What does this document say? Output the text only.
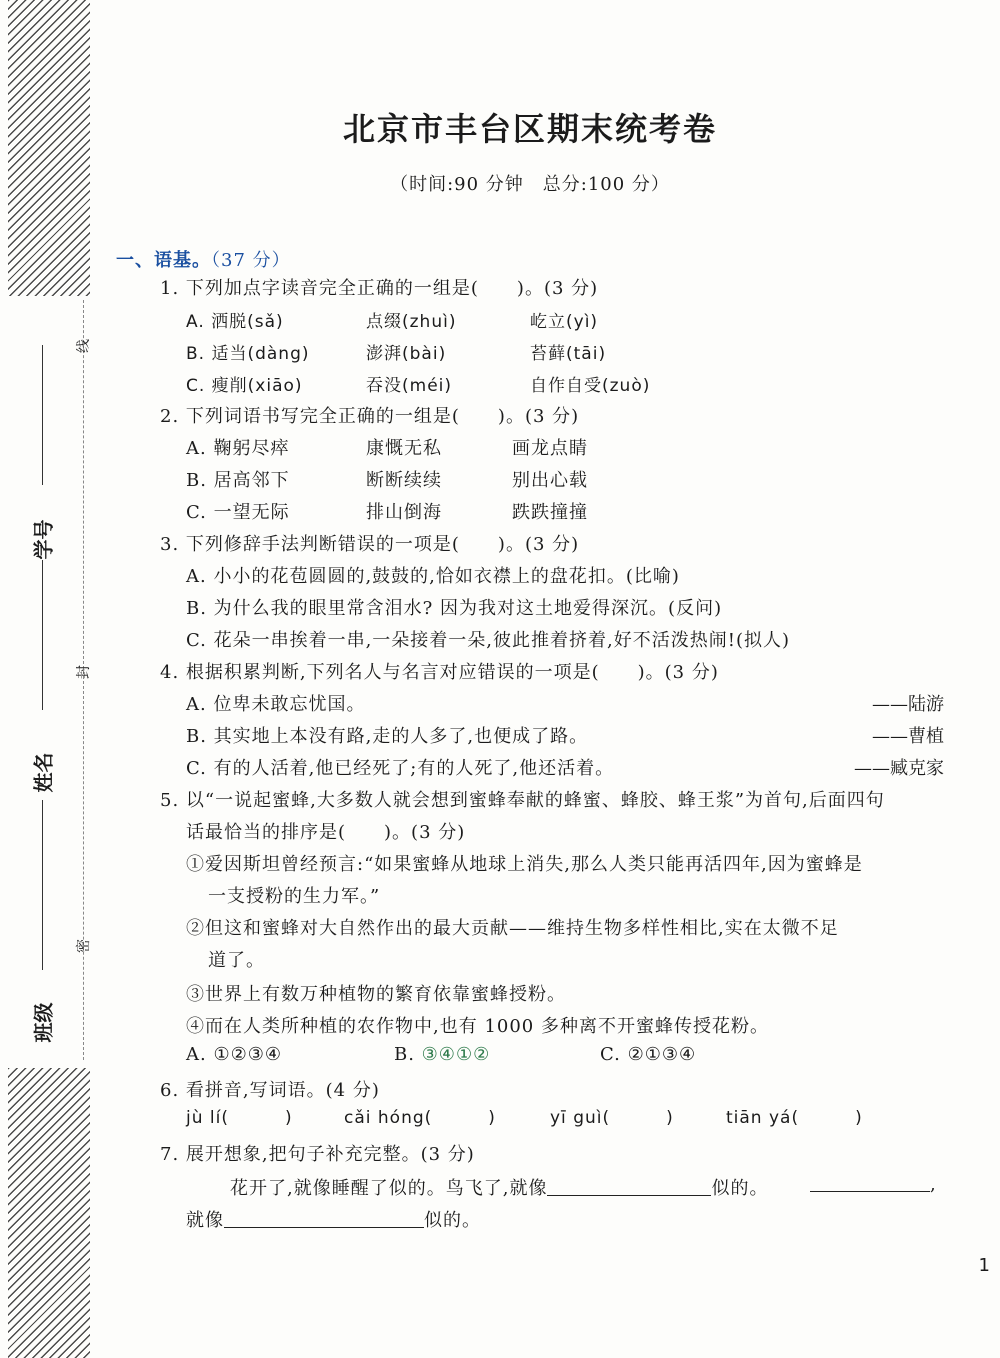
学号
姓名
班级
线
封
密
北京市丰台区期末统考卷
（时间:90 分钟　总分:100 分）
一、语基。（37 分）
1. 下列加点字读音完全正确的一组是(　　)。(3 分)
A. 洒脱(sǎ)	点缀(zhuì)	屹立(yì)
B. 适当(dàng)	澎湃(bài)	苔藓(tāi)
C. 瘦削(xiāo)	吞没(méi)	自作自受(zuò)
2. 下列词语书写完全正确的一组是(　　)。(3 分)
A. 鞠躬尽瘁	康慨无私	画龙点睛
B. 居高邻下	断断续续	别出心载
C. 一望无际	排山倒海	跌跌撞撞
3. 下列修辞手法判断错误的一项是(　　)。(3 分)
A. 小小的花苞圆圆的,鼓鼓的,恰如衣襟上的盘花扣。(比喻)
B. 为什么我的眼里常含泪水? 因为我对这土地爱得深沉。(反问)
C. 花朵一串挨着一串,一朵接着一朵,彼此推着挤着,好不活泼热闹!(拟人)
4. 根据积累判断,下列名人与名言对应错误的一项是(　　)。(3 分)
A. 位卑未敢忘忧国。	——陆游
B. 其实地上本没有路,走的人多了,也便成了路。	——曹植
C. 有的人活着,他已经死了;有的人死了,他还活着。	——臧克家
5. 以“一说起蜜蜂,大多数人就会想到蜜蜂奉献的蜂蜜、蜂胶、蜂王浆”为首句,后面四句
话最恰当的排序是(　　)。(3 分)
①爱因斯坦曾经预言:“如果蜜蜂从地球上消失,那么人类只能再活四年,因为蜜蜂是
一支授粉的生力军。”
②但这和蜜蜂对大自然作出的最大贡献——维持生物多样性相比,实在太微不足
道了。
③世界上有数万种植物的繁育依靠蜜蜂授粉。
④而在人类所种植的农作物中,也有 1000 多种离不开蜜蜂传授花粉。
A. ①②③④	B. ③④①②	C. ②①③④
6. 看拼音,写词语。(4 分)
jù lí(	)	cǎi hóng(	)	yī guì(	)	tiān yá(	)
7. 展开想象,把句子补充完整。(3 分)
花开了,就像睡醒了似的。鸟飞了,就像	似的。	,
就像	似的。
1
